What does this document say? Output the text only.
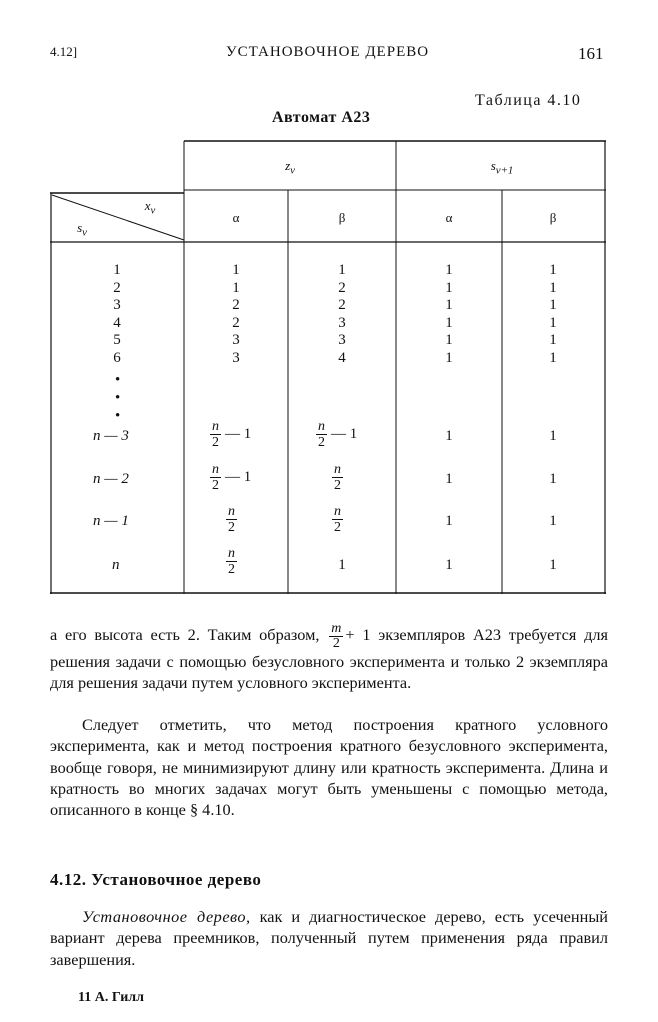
4.12]	УСТАНОВОЧНОЕ ДЕРЕВО	161
Таблица 4.10
Автомат A23
$z_v$	$s_{v+1}$
$x_v$
$s_v$
α	β	α	β
1	1	1	1	1
2	1	2	1	1
3	2	2	1	1
4	2	3	1	1
5	3	3	1	1
6	3	4	1	1
•
•
•
n — 3	$\frac{n}{2}$ — 1	$\frac{n}{2}$ — 1	1	1
n — 2	$\frac{n}{2}$ — 1	$\frac{n}{2}$	1	1
n — 1	$\frac{n}{2}$	$\frac{n}{2}$	1	1
n	$\frac{n}{2}$	1	1	1
а его высота есть 2. Таким образом, $\frac{m}{2} + 1$ экземпляров A23 требуется для решения задачи с помощью безусловного эксперимента и только 2 экземпляра для решения задачи путем условного эксперимента.
Следует отметить, что метод построения кратного условного эксперимента, как и метод построения кратного безусловного эксперимента, вообще говоря, не минимизируют длину или кратность эксперимента. Длина и кратность во многих задачах могут быть уменьшены с помощью метода, описанного в конце § 4.10.
4.12. Установочное дерево
Установочное дерево, как и диагностическое дерево, есть усеченный вариант дерева преемников, полученный путем применения ряда правил завершения.
11 А. Гилл
